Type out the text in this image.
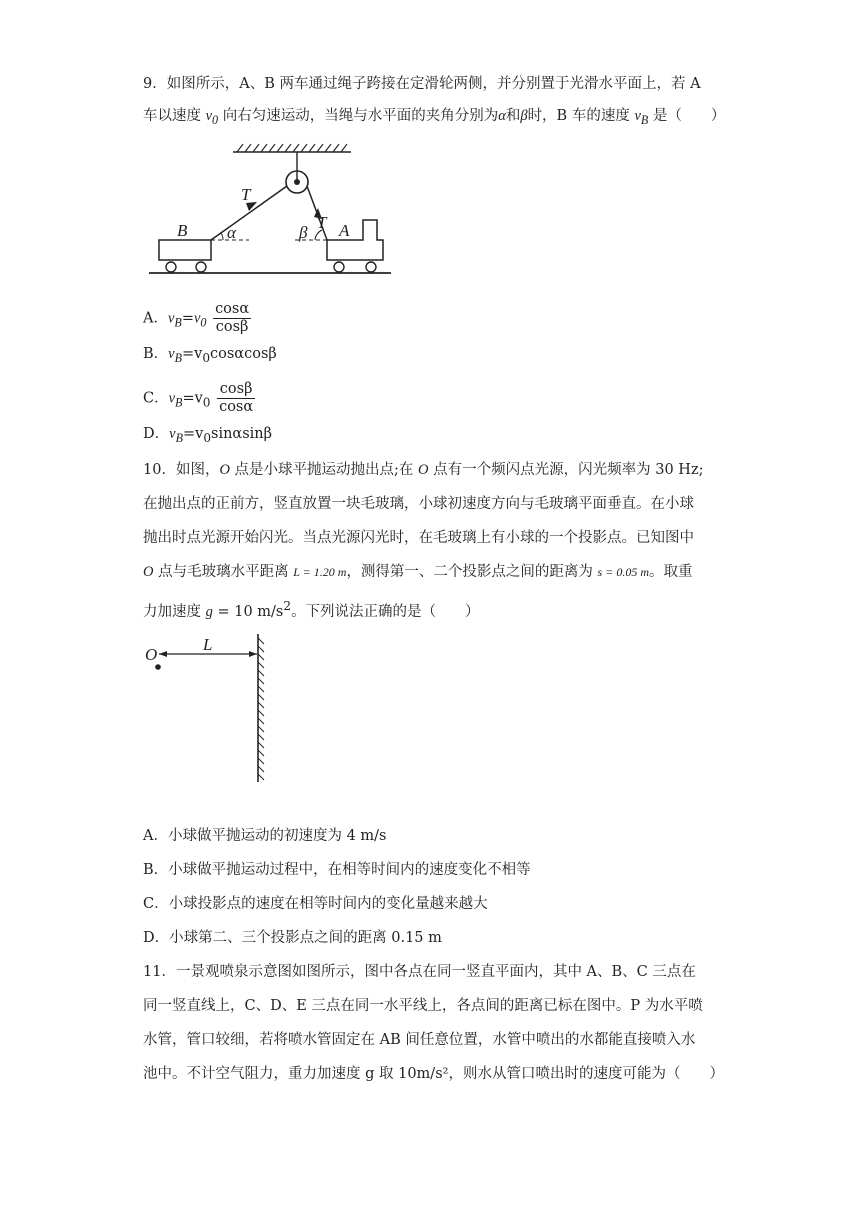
9．如图所示，A、B 两车通过绳子跨接在定滑轮两侧，并分别置于光滑水平面上，若 A
车以速度 $v_0$ 向右匀速运动，当绳与水平面的夹角分别为α和β时，B 车的速度 $v_B$ 是（　　）
T
T
B α	A
β
A．$v_B=v_0 \frac{\cos\alpha}{\cos\beta}$
B．$v_B=v_0\cos\alpha\cos\beta$
C．$v_B=v_0 \frac{\cos\beta}{\cos\alpha}$
D．$v_B=v_0\sin\alpha\sin\beta$
10．如图，O 点是小球平抛运动抛出点;在 O 点有一个频闪点光源，闪光频率为 30 Hz;
在抛出点的正前方，竖直放置一块毛玻璃，小球初速度方向与毛玻璃平面垂直。在小球
抛出时点光源开始闪光。当点光源闪光时，在毛玻璃上有小球的一个投影点。已知图中
O 点与毛玻璃水平距离 L = 1.20 m，测得第一、二个投影点之间的距离为 s = 0.05 m。取重
力加速度 g = 10 $m/s^2$。下列说法正确的是（　　）
O
L
A．小球做平抛运动的初速度为 4 m/s
B．小球做平抛运动过程中，在相等时间内的速度变化不相等
C．小球投影点的速度在相等时间内的变化量越来越大
D．小球第二、三个投影点之间的距离 0.15 m
11．一景观喷泉示意图如图所示，图中各点在同一竖直平面内，其中 A、B、C 三点在
同一竖直线上，C、D、E 三点在同一水平线上，各点间的距离已标在图中。P 为水平喷
水管，管口较细，若将喷水管固定在 AB 间任意位置，水管中喷出的水都能直接喷入水
池中。不计空气阻力，重力加速度 g 取 10m/s²，则水从管口喷出时的速度可能为（　　）
